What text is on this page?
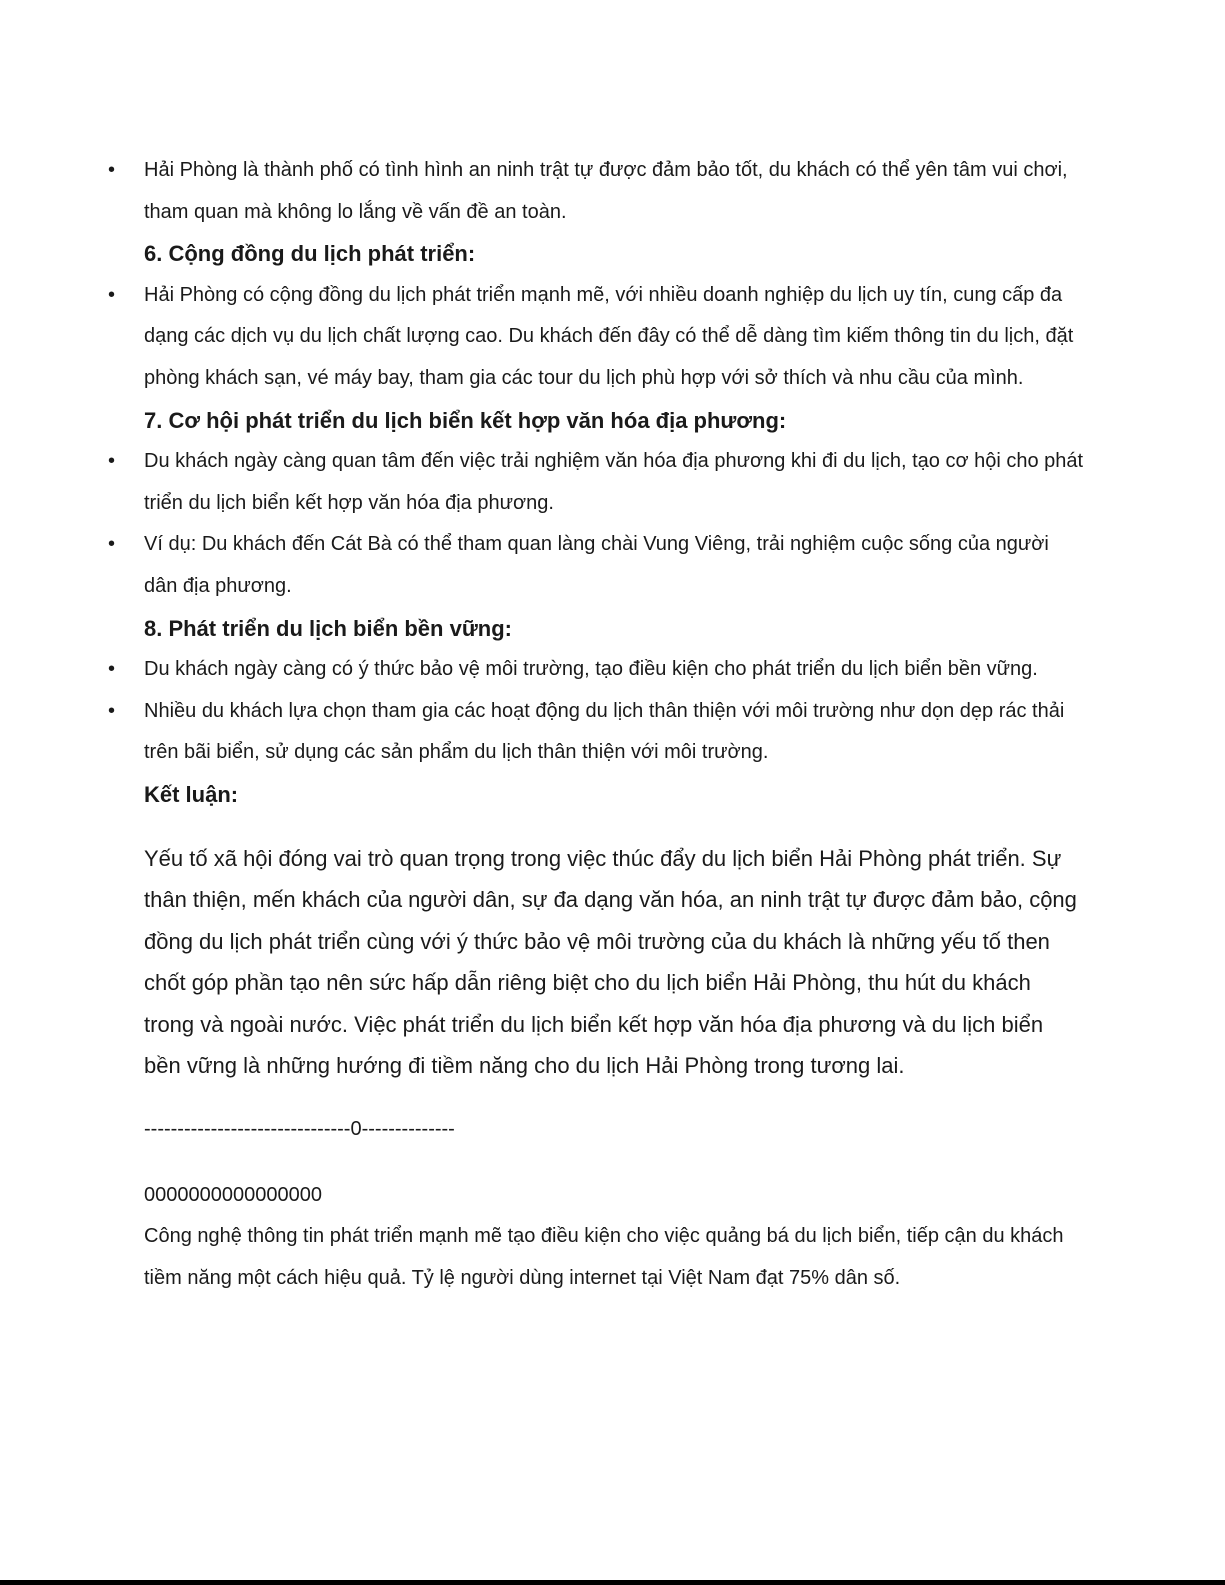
• Hải Phòng là thành phố có tình hình an ninh trật tự được đảm bảo tốt, du khách có thể yên tâm vui chơi, tham quan mà không lo lắng về vấn đề an toàn.

6. Cộng đồng du lịch phát triển:

• Hải Phòng có cộng đồng du lịch phát triển mạnh mẽ, với nhiều doanh nghiệp du lịch uy tín, cung cấp đa dạng các dịch vụ du lịch chất lượng cao. Du khách đến đây có thể dễ dàng tìm kiếm thông tin du lịch, đặt phòng khách sạn, vé máy bay, tham gia các tour du lịch phù hợp với sở thích và nhu cầu của mình.

7. Cơ hội phát triển du lịch biển kết hợp văn hóa địa phương:

• Du khách ngày càng quan tâm đến việc trải nghiệm văn hóa địa phương khi đi du lịch, tạo cơ hội cho phát triển du lịch biển kết hợp văn hóa địa phương.

• Ví dụ: Du khách đến Cát Bà có thể tham quan làng chài Vung Viêng, trải nghiệm cuộc sống của người dân địa phương.

8. Phát triển du lịch biển bền vững:

• Du khách ngày càng có ý thức bảo vệ môi trường, tạo điều kiện cho phát triển du lịch biển bền vững.

• Nhiều du khách lựa chọn tham gia các hoạt động du lịch thân thiện với môi trường như dọn dẹp rác thải trên bãi biển, sử dụng các sản phẩm du lịch thân thiện với môi trường.

Kết luận:

Yếu tố xã hội đóng vai trò quan trọng trong việc thúc đẩy du lịch biển Hải Phòng phát triển. Sự thân thiện, mến khách của người dân, sự đa dạng văn hóa, an ninh trật tự được đảm bảo, cộng đồng du lịch phát triển cùng với ý thức bảo vệ môi trường của du khách là những yếu tố then chốt góp phần tạo nên sức hấp dẫn riêng biệt cho du lịch biển Hải Phòng, thu hút du khách trong và ngoài nước. Việc phát triển du lịch biển kết hợp văn hóa địa phương và du lịch biển bền vững là những hướng đi tiềm năng cho du lịch Hải Phòng trong tương lai.

-------------------------------0--------------

0000000000000000

Công nghệ thông tin phát triển mạnh mẽ tạo điều kiện cho việc quảng bá du lịch biển, tiếp cận du khách tiềm năng một cách hiệu quả. Tỷ lệ người dùng internet tại Việt Nam đạt 75% dân số.
